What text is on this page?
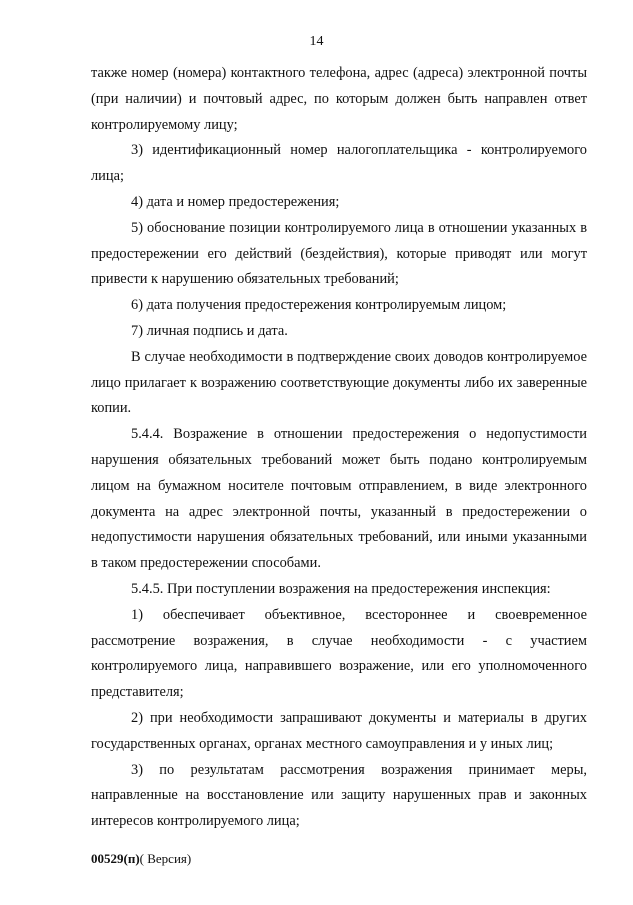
14

также номер (номера) контактного телефона, адрес (адреса) электронной почты (при наличии) и почтовый адрес, по которым должен быть направлен ответ контролируемому лицу;

3) идентификационный номер налогоплательщика - контролируемого лица;

4) дата и номер предостережения;

5) обоснование позиции контролируемого лица в отношении указанных в предостережении его действий (бездействия), которые приводят или могут привести к нарушению обязательных требований;

6) дата получения предостережения контролируемым лицом;

7) личная подпись и дата.

В случае необходимости в подтверждение своих доводов контролируемое лицо прилагает к возражению соответствующие документы либо их заверенные копии.

5.4.4. Возражение в отношении предостережения о недопустимости нарушения обязательных требований может быть подано контролируемым лицом на бумажном носителе почтовым отправлением, в виде электронного документа на адрес электронной почты, указанный в предостережении о недопустимости нарушения обязательных требований, или иными указанными в таком предостережении способами.

5.4.5. При поступлении возражения на предостережения инспекция:

1) обеспечивает объективное, всестороннее и своевременное рассмотрение возражения, в случае необходимости - с участием контролируемого лица, направившего возражение, или его уполномоченного представителя;

2) при необходимости запрашивают документы и материалы в других государственных органах, органах местного самоуправления и у иных лиц;

3) по результатам рассмотрения возражения принимает меры, направленные на восстановление или защиту нарушенных прав и законных интересов контролируемого лица;

00529(п)( Версия)
